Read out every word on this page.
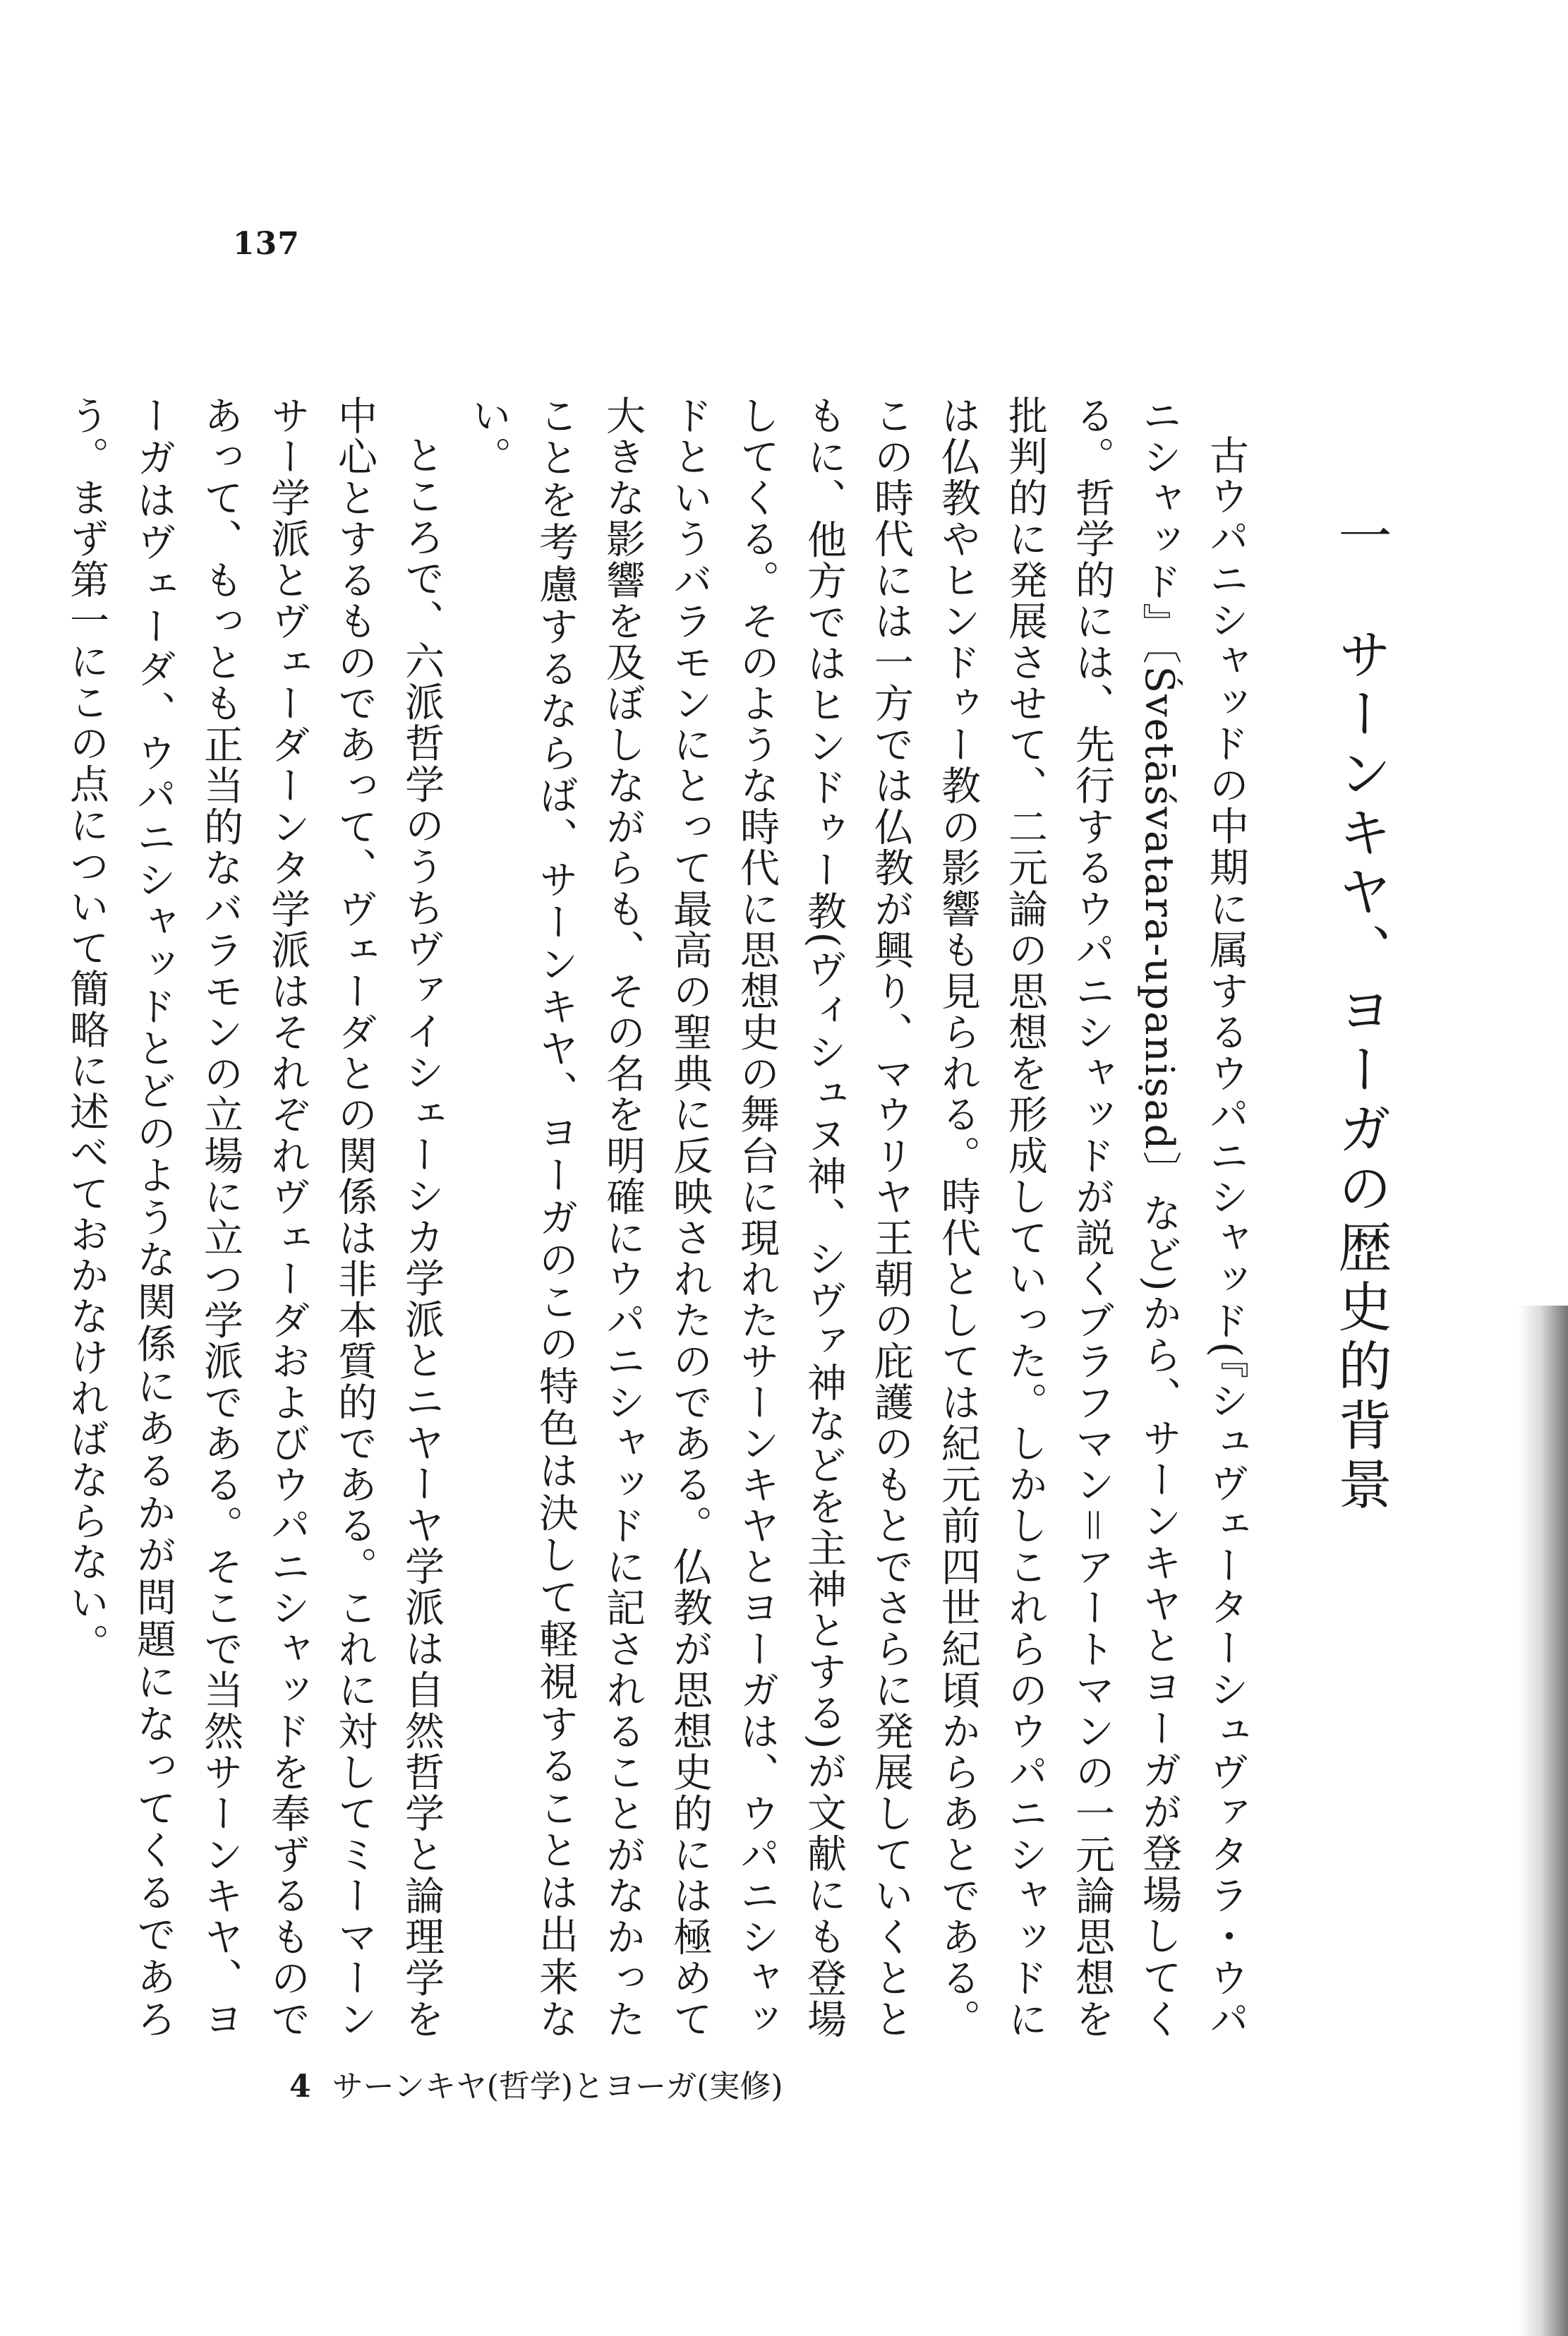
137
一　サーンキヤ、ヨーガの歴史的背景

古ウパニシャッドの中期に属するウパニシャッド(『シュヴェーターシュヴァタラ・ウパニシャッド』〔Śvetāśvatara-upaniṣad〕など)から、サーンキヤとヨーガが登場してくる。哲学的には、先行するウパニシャッドが説くブラフマン＝アートマンの一元論思想を批判的に発展させて、二元論の思想を形成していった。しかしこれらのウパニシャッドには仏教やヒンドゥー教の影響も見られる。時代としては紀元前四世紀頃からあとである。この時代には一方では仏教が興り、マウリヤ王朝の庇護のもとでさらに発展していくとともに、他方ではヒンドゥー教(ヴィシュヌ神、シヴァ神などを主神とする)が文献にも登場してくる。そのような時代に思想史の舞台に現れたサーンキヤとヨーガは、ウパニシャッドというバラモンにとって最高の聖典に反映されたのである。仏教が思想史的には極めて大きな影響を及ぼしながらも、その名を明確にウパニシャッドに記されることがなかったことを考慮するならば、サーンキヤ、ヨーガのこの特色は決して軽視することは出来ない。

ところで、六派哲学のうちヴァイシェーシカ学派とニヤーヤ学派は自然哲学と論理学を中心とするものであって、ヴェーダとの関係は非本質的である。これに対してミーマーンサー学派とヴェーダーンタ学派はそれぞれヴェーダおよびウパニシャッドを奉ずるものであって、もっとも正当的なバラモンの立場に立つ学派である。そこで当然サーンキヤ、ヨーガはヴェーダ、ウパニシャッドとどのような関係にあるかが問題になってくるであろう。まず第一にこの点について簡略に述べておかなければならない。

4 サーンキヤ(哲学)とヨーガ(実修)
